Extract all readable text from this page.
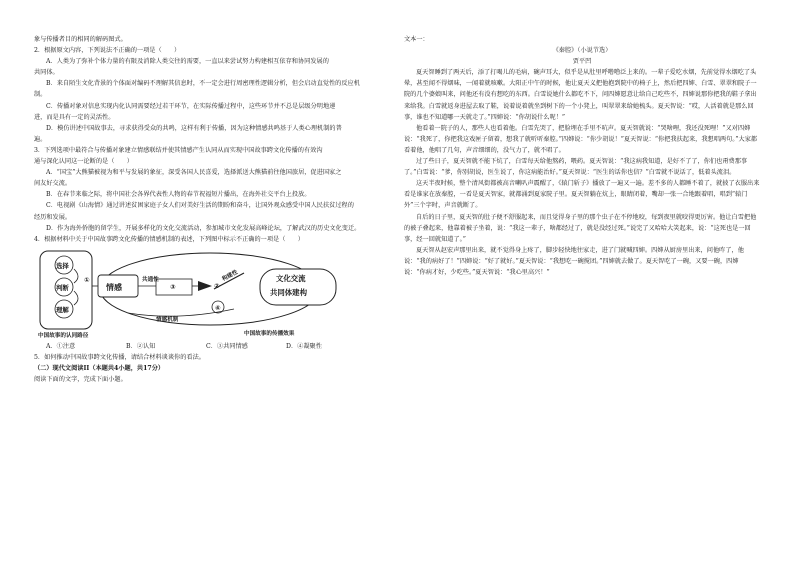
象与传播者目的相同的解码图式。

2．根据原文内容，下列说法不正确的一项是（　　）

A．人类为了弥补个体力量的有限及消除人类交往的需要，一直以来尝试努力构建相互依存和协同发展的

共同体。

B．来自陌生文化背景的个体面对编码不理解其信息时，不一定会进行周密理性逻辑分析，但会启动直觉性的反应机

制。

C．传播对象对信息实现内化认同需要经过若干环节，在实际传播过程中，这些环节并不总是层级分明地递

进，而是具有一定的灵活性。

D．模仿讲述中国故事去，寻求获得受众的共鸣，这样有利于传播，因为这种情感共鸣基于人类心理机制的普

遍。

3．下列选项中最符合与传播对象建立情感联结并使其情感产生认同从而实现中国故事跨文化传播的有效沟

通与深化认同这一论断的是（　　）

A．“国宝”大熊猫被视为和平与发展的象征，深受各国人民喜爱，选择派送大熊猫前往他国旅居，促进国家之

间友好交流。

B．在春节来临之际，将中国社会各界代表性人物的春节祝福短片播出，在海外社交平台上投放。

C．电视剧《山海情》通过讲述贫困家庭子女人们对美好生活的期盼和奋斗，让国外观众感受中国人民扶贫过程的

经历和发展。

D．作为海外侨胞的留学生，开展多样化的文化交流活动，参加城市文化发展高峰论坛，了解武汉的历史文化变迁。

4．根据材料中关于中国故事跨文化传播的情感机制的表述，下列图中标示不正确的一项是（　　）

选择
判断
理解
①
情感
共通性
③	②
构建性
④
文化交流
共同体建构
情感机制
中国故事的认同路径	中国故事的传播效果
A．①注意	B．②认知	C．③共同情感	D．④凝聚性

5．如何推动中国故事跨文化传播，请结合材料谈谈你的看法。

（二）现代文阅读II（本题共4小题，共17分）

阅读下面的文字，完成下面小题。

文本一：

《秦腔》（小说节选）

贾平凹

夏天智睡到了两天后，添了打喝儿的毛病，碗声耳大，似乎是从肚里呼噜噜泛上来的。一辈子爱吃水烟，先前觉得水烟吃了头晕，甚至闻不得烟味，一闻着就咳嗽。大阳正中午的时候，他让夏天义把他抱到院中的椅子上，然后把四婶、白雪、翠翠和院子一院的几个婆娘叫来，问他还有没有想吃的东西。白雪说她什么都吃不下，问四婶愿意让给自己吃些不，四婶说那你把我的鞋子拿出来给我。白雪就返身进屋去取了鞋，说着说着就坐到树下的一个小凳上，叫翠翠来给她梳头。夏天智说：“哎，人活着就是那么回事，谁也不知道哪一天就走了。”四婶说：“你胡说什么呢！”

他看着一院子的人，那些人也看着他。白雪先哭了，把脸埋在手里不吭声。夏天智就说：“哭啥哩，我还没死哩！”又对四婶说：“我死了，你把我这戏匣子留着，想我了就听听秦腔。”四婶说：“你少胡说！”夏天智说：“你把我扶起来，我想唱两句。”大家都看着他，他唱了几句，声音细细的，没气力了，就不唱了。

过了些日子，夏天智就不能下炕了，白雪每天给他熬药，喂药。夏天智说：“我这病我知道，是好不了了，你们也甭费那事了。”白雪说：“爹，你别胡说，医生说了，你这病能治好。”夏天智说：“医生的话你也信？”白雪就不说话了，低着头流泪。

这天半夜时候，整个清风街都被高音喇叭声震醒了，《辕门斩子》播放了一遍又一遍。差不多的人都睡不着了，就披了衣服出来看是谁家在放秦腔，一看是夏天智家，就都涌到夏家院子里。夏天智躺在炕上，眼睛闭着，嘴却一张一合地跟着唱，唱到“辕门外”三个字时，声音就断了。

自后的日子里，夏天智的肚子便不舒服起来，而且觉得身子里的那个虫子在不停地咬，每到夜里就咬得更厉害。他让白雪把他的被子叠起来，他靠着被子坐着，说：“我这一辈子，啥都经过了，就是没经过死。”说完了又哈哈大笑起来，说：“这死也是一回事，经一回就知道了。”

夏天智从赵宏声那里出来，就不觉得身上疼了，脚步轻快地往家走，进了门就喊四婶。四婶从厨房里出来，问他咋了，他说：“我的病好了！”四婶说：“好了就好。”夏天智说：“我想吃一碗搅团。”四婶就去做了。夏天智吃了一碗，又要一碗，四婶说：“你病才好，少吃些。”夏天智说：“我心里高兴！”
